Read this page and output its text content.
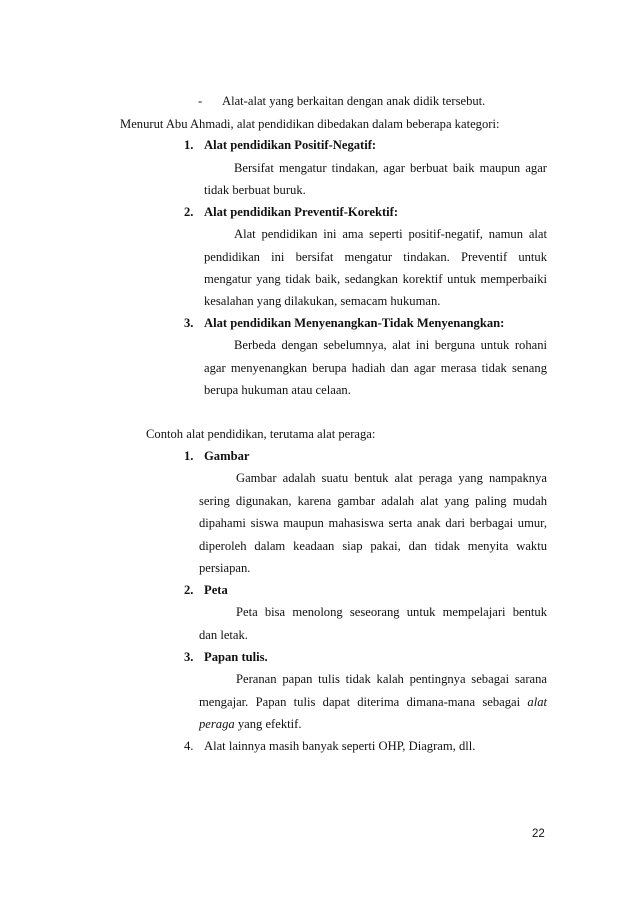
- Alat-alat yang berkaitan dengan anak didik tersebut.
Menurut Abu Ahmadi, alat pendidikan dibedakan dalam beberapa kategori:
1. Alat pendidikan Positif-Negatif:
Bersifat mengatur tindakan, agar berbuat baik maupun agar
tidak berbuat buruk.
2. Alat pendidikan Preventif-Korektif:
Alat pendidikan ini ama seperti positif-negatif, namun alat
pendidikan ini bersifat mengatur tindakan. Preventif untuk
mengatur yang tidak baik, sedangkan korektif untuk memperbaiki
kesalahan yang dilakukan, semacam hukuman.
3. Alat pendidikan Menyenangkan-Tidak Menyenangkan:
Berbeda dengan sebelumnya, alat ini berguna untuk rohani
agar menyenangkan berupa hadiah dan agar merasa tidak senang
berupa hukuman atau celaan.
Contoh alat pendidikan, terutama alat peraga:
1. Gambar
Gambar adalah suatu bentuk alat peraga yang nampaknya
sering digunakan, karena gambar adalah alat yang paling mudah
dipahami siswa maupun mahasiswa serta anak dari berbagai umur,
diperoleh dalam keadaan siap pakai, dan tidak menyita waktu
persiapan.
2. Peta
Peta bisa menolong seseorang untuk mempelajari bentuk
dan letak.
3. Papan tulis.
Peranan papan tulis tidak kalah pentingnya sebagai sarana
mengajar. Papan tulis dapat diterima dimana-mana sebagai alat
peraga yang efektif.
4. Alat lainnya masih banyak seperti OHP, Diagram, dll.
22
